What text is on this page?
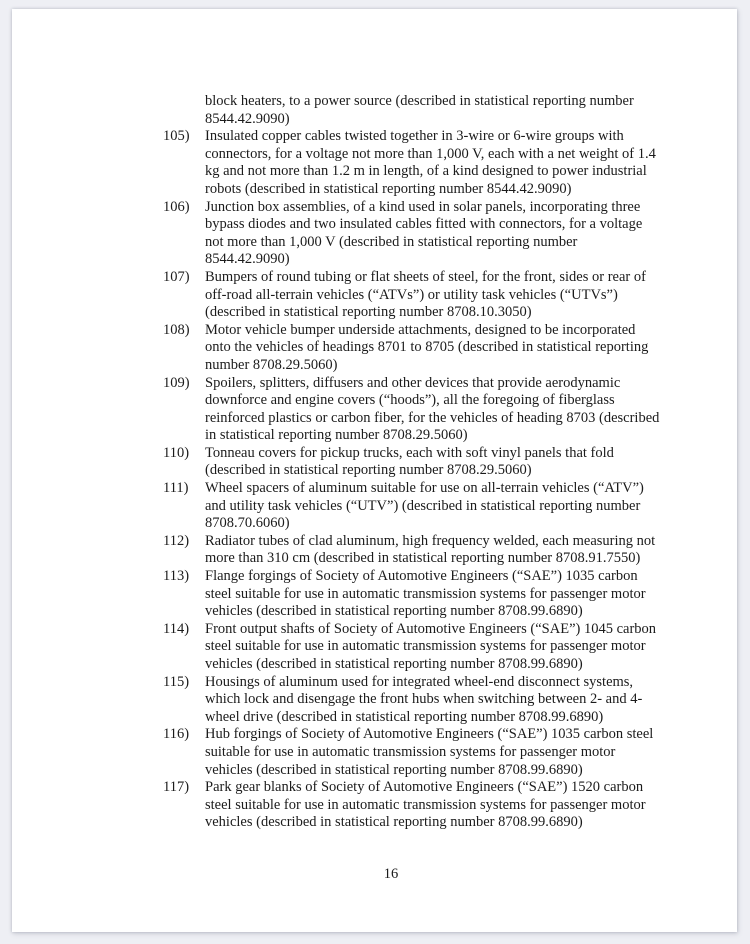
block heaters, to a power source (described in statistical reporting number
8544.42.9090)
105)	Insulated copper cables twisted together in 3-wire or 6-wire groups with
connectors, for a voltage not more than 1,000 V, each with a net weight of 1.4
kg and not more than 1.2 m in length, of a kind designed to power industrial
robots (described in statistical reporting number 8544.42.9090)
106)	Junction box assemblies, of a kind used in solar panels, incorporating three
bypass diodes and two insulated cables fitted with connectors, for a voltage
not more than 1,000 V (described in statistical reporting number
8544.42.9090)
107)	Bumpers of round tubing or flat sheets of steel, for the front, sides or rear of
off-road all-terrain vehicles (“ATVs”) or utility task vehicles (“UTVs”)
(described in statistical reporting number 8708.10.3050)
108)	Motor vehicle bumper underside attachments, designed to be incorporated
onto the vehicles of headings 8701 to 8705 (described in statistical reporting
number 8708.29.5060)
109)	Spoilers, splitters, diffusers and other devices that provide aerodynamic
downforce and engine covers (“hoods”), all the foregoing of fiberglass
reinforced plastics or carbon fiber, for the vehicles of heading 8703 (described
in statistical reporting number 8708.29.5060)
110)	Tonneau covers for pickup trucks, each with soft vinyl panels that fold
(described in statistical reporting number 8708.29.5060)
111)	Wheel spacers of aluminum suitable for use on all-terrain vehicles (“ATV”)
and utility task vehicles (“UTV”) (described in statistical reporting number
8708.70.6060)
112)	Radiator tubes of clad aluminum, high frequency welded, each measuring not
more than 310 cm (described in statistical reporting number 8708.91.7550)
113)	Flange forgings of Society of Automotive Engineers (“SAE”) 1035 carbon
steel suitable for use in automatic transmission systems for passenger motor
vehicles (described in statistical reporting number 8708.99.6890)
114)	Front output shafts of Society of Automotive Engineers (“SAE”) 1045 carbon
steel suitable for use in automatic transmission systems for passenger motor
vehicles (described in statistical reporting number 8708.99.6890)
115)	Housings of aluminum used for integrated wheel-end disconnect systems,
which lock and disengage the front hubs when switching between 2- and 4-
wheel drive (described in statistical reporting number 8708.99.6890)
116)	Hub forgings of Society of Automotive Engineers (“SAE”) 1035 carbon steel
suitable for use in automatic transmission systems for passenger motor
vehicles (described in statistical reporting number 8708.99.6890)
117)	Park gear blanks of Society of Automotive Engineers (“SAE”) 1520 carbon
steel suitable for use in automatic transmission systems for passenger motor
vehicles (described in statistical reporting number 8708.99.6890)
16
